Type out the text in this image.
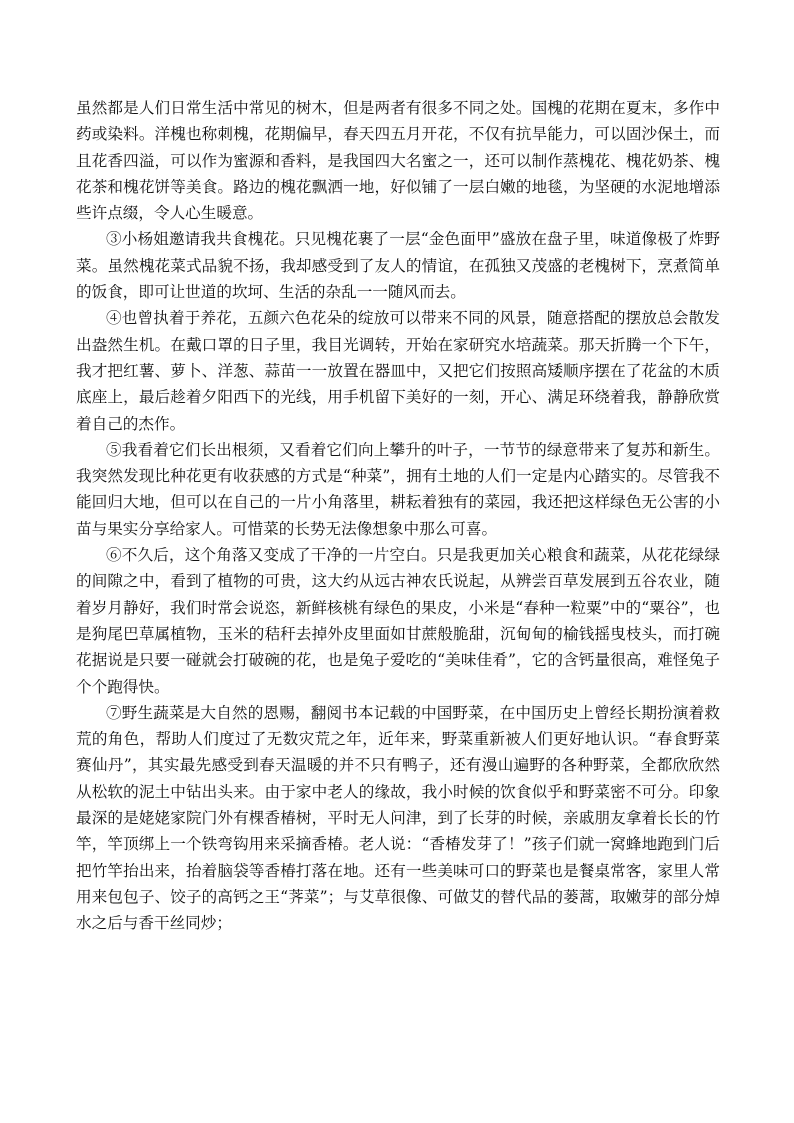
虽然都是人们日常生活中常见的树木，但是两者有很多不同之处。国槐的花期在夏末，多作中药或染料。洋槐也称刺槐，花期偏早，春天四五月开花，不仅有抗旱能力，可以固沙保土，而且花香四溢，可以作为蜜源和香料，是我国四大名蜜之一，还可以制作蒸槐花、槐花奶茶、槐花茶和槐花饼等美食。路边的槐花飘洒一地，好似铺了一层白嫩的地毯，为坚硬的水泥地增添些许点缀，令人心生暖意。

③小杨姐邀请我共食槐花。只见槐花裹了一层“金色面甲”盛放在盘子里，味道像极了炸野菜。虽然槐花菜式品貌不扬，我却感受到了友人的情谊，在孤独又茂盛的老槐树下，烹煮简单的饭食，即可让世道的坎坷、生活的杂乱一一随风而去。

④也曾执着于养花，五颜六色花朵的绽放可以带来不同的风景，随意搭配的摆放总会散发出盎然生机。在戴口罩的日子里，我目光调转，开始在家研究水培蔬菜。那天折腾一个下午，我才把红薯、萝卜、洋葱、蒜苗一一放置在器皿中，又把它们按照高矮顺序摆在了花盆的木质底座上，最后趁着夕阳西下的光线，用手机留下美好的一刻，开心、满足环绕着我，静静欣赏着自己的杰作。

⑤我看着它们长出根须，又看着它们向上攀升的叶子，一节节的绿意带来了复苏和新生。我突然发现比种花更有收获感的方式是“种菜”，拥有土地的人们一定是内心踏实的。尽管我不能回归大地，但可以在自己的一片小角落里，耕耘着独有的菜园，我还把这样绿色无公害的小苗与果实分享给家人。可惜菜的长势无法像想象中那么可喜。

⑥不久后，这个角落又变成了干净的一片空白。只是我更加关心粮食和蔬菜，从花花绿绿的间隙之中，看到了植物的可贵，这大约从远古神农氏说起，从辨尝百草发展到五谷农业，随着岁月静好，我们时常会说恣，新鲜核桃有绿色的果皮，小米是“春种一粒粟”中的“粟谷”，也是狗尾巴草属植物，玉米的秸秆去掉外皮里面如甘蔗般脆甜，沉甸甸的榆钱摇曳枝头，而打碗花据说是只要一碰就会打破碗的花，也是兔子爱吃的“美味佳肴”，它的含钙量很高，难怪兔子个个跑得快。

⑦野生蔬菜是大自然的恩赐，翻阅书本记载的中国野菜，在中国历史上曾经长期扮演着救荒的角色，帮助人们度过了无数灾荒之年，近年来，野菜重新被人们更好地认识。“春食野菜赛仙丹”，其实最先感受到春天温暖的并不只有鸭子，还有漫山遍野的各种野菜，全都欣欣然从松软的泥土中钻出头来。由于家中老人的缘故，我小时候的饮食似乎和野菜密不可分。印象最深的是姥姥家院门外有棵香椿树，平时无人问津，到了长芽的时候，亲戚朋友拿着长长的竹竿，竿顶绑上一个铁弯钩用来采摘香椿。老人说：“香椿发芽了！”孩子们就一窝蜂地跑到门后把竹竿抬出来，抬着脑袋等香椿打落在地。还有一些美味可口的野菜也是餐桌常客，家里人常用来包包子、饺子的高钙之王“荠菜”；与艾草很像、可做艾的替代品的蒌蒿，取嫩芽的部分焯水之后与香干丝同炒；
